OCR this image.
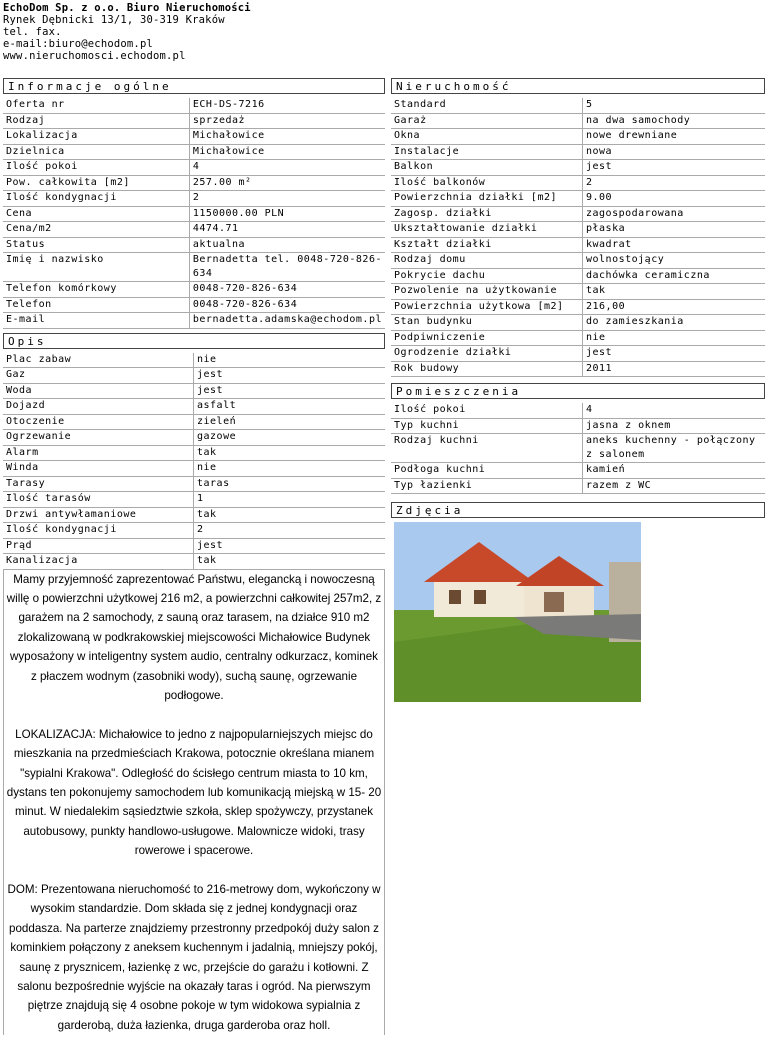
EchoDom Sp. z o.o. Biuro Nieruchomości
Rynek Dębnicki 13/1, 30-319 Kraków
tel. fax.
e-mail:biuro@echodom.pl
www.nieruchomosci.echodom.pl
Informacje ogólne
Oferta nr	ECH-DS-7216
Rodzaj	sprzedaż
Lokalizacja	Michałowice
Dzielnica	Michałowice
Ilość pokoi	4
Pow. całkowita [m2]	257.00 m²
Ilość kondygnacji	2
Cena	1150000.00 PLN
Cena/m2	4474.71
Status	aktualna
Imię i nazwisko	Bernadetta tel. 0048-720-826-634
Telefon komórkowy	0048-720-826-634
Telefon	0048-720-826-634
E-mail	bernadetta.adamska@echodom.pl
Opis
Plac zabaw	nie
Gaz	jest
Woda	jest
Dojazd	asfalt
Otoczenie	zieleń
Ogrzewanie	gazowe
Alarm	tak
Winda	nie
Tarasy	taras
Ilość tarasów	1
Drzwi antywłamaniowe	tak
Ilość kondygnacji	2
Prąd	jest
Kanalizacja	tak

Mamy przyjemność zaprezentować Państwu, elegancką i nowoczesną willę o powierzchni użytkowej 216 m2, a powierzchni całkowitej 257m2, z garażem na 2 samochody, z sauną oraz tarasem, na działce 910 m2 zlokalizowaną w podkrakowskiej miejscowości Michałowice Budynek wyposażony w inteligentny system audio, centralny odkurzacz, kominek z płaczem wodnym (zasobniki wody), suchą saunę, ogrzewanie podłogowe.

LOKALIZACJA: Michałowice to jedno z najpopularniejszych miejsc do mieszkania na przedmieściach Krakowa, potocznie określana mianem "sypialni Krakowa". Odległość do ścisłego centrum miasta to 10 km, dystans ten pokonujemy samochodem lub komunikacją miejską w 15- 20 minut. W niedalekim sąsiedztwie szkoła, sklep spożywczy, przystanek autobusowy, punkty handlowo-usługowe. Malownicze widoki, trasy rowerowe i spacerowe.

DOM: Prezentowana nieruchomość to 216-metrowy dom, wykończony w wysokim standardzie. Dom składa się z jednej kondygnacji oraz poddasza. Na parterze znajdziemy przestronny przedpokój duży salon z kominkiem połączony z aneksem kuchennym i jadalnią, mniejszy pokój, saunę z prysznicem, łazienkę z wc, przejście do garażu i kotłowni. Z salonu bezpośrednie wyjście na okazały taras i ogród. Na pierwszym piętrze znajdują się 4 osobne pokoje w tym widokowa sypialnia z garderobą, duża łazienka, druga garderoba oraz holl.

Nieruchomość
Standard	5
Garaż	na dwa samochody
Okna	nowe drewniane
Instalacje	nowa
Balkon	jest
Ilość balkonów	2
Powierzchnia działki [m2]	9.00
Zagosp. działki	zagospodarowana
Ukształtowanie działki	płaska
Kształt działki	kwadrat
Rodzaj domu	wolnostojący
Pokrycie dachu	dachówka ceramiczna
Pozwolenie na użytkowanie	tak
Powierzchnia użytkowa [m2]	216,00
Stan budynku	do zamieszkania
Podpiwniczenie	nie
Ogrodzenie działki	jest
Rok budowy	2011
Pomieszczenia
Ilość pokoi	4
Typ kuchni	jasna z oknem
Rodzaj kuchni	aneks kuchenny - połączony z salonem
Podłoga kuchni	kamień
Typ łazienki	razem z WC
Zdjęcia
